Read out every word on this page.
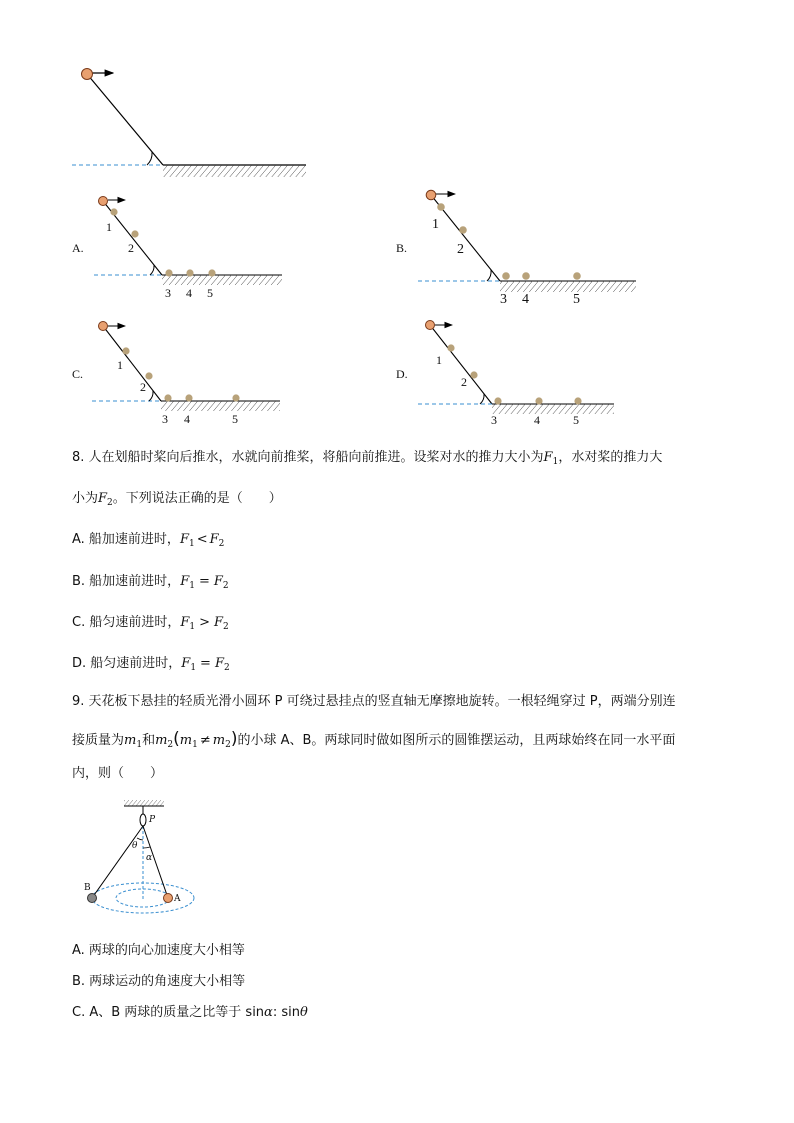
A.
1
2
3 4 5
B.
1
2
3 4	5
C.
1
2
3 4	5
D.
1
2
3	4	5
8. 人在划船时桨向后推水，水就向前推桨，将船向前推进。设桨对水的推力大小为$F_1$，水对桨的推力大
小为$F_2$。下列说法正确的是（　　）
A. 船加速前进时，$F_1 < F_2$
B. 船加速前进时，$F_1 = F_2$
C. 船匀速前进时，$F_1 > F_2$
D. 船匀速前进时，$F_1 = F_2$
9. 天花板下悬挂的轻质光滑小圆环 P 可绕过悬挂点的竖直轴无摩擦地旋转。一根轻绳穿过 P，两端分别连
接质量为$m_1$和$m_2(m_1 \ne m_2)$的小球 A、B。两球同时做如图所示的圆锥摆运动，且两球始终在同一水平面
内，则（　　）
P
θ
α
B
A
A. 两球的向心加速度大小相等
B. 两球运动的角速度大小相等
C. A、B 两球的质量之比等于 sinα: sinθ
